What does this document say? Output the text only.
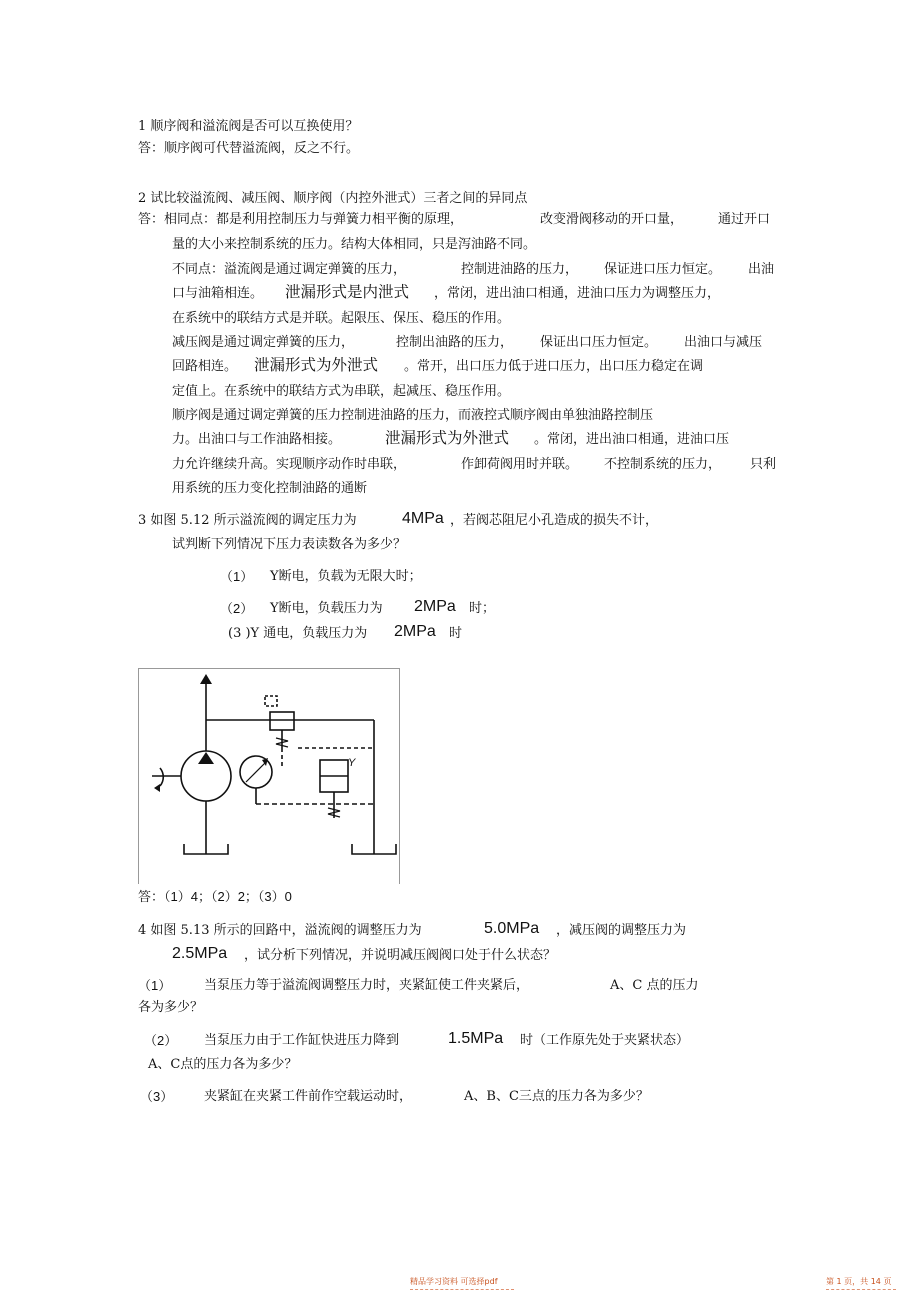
1 顺序阀和溢流阀是否可以互换使用？
答：顺序阀可代替溢流阀，反之不行。
2 试比较溢流阀、减压阀、顺序阀（内控外泄式）三者之间的异同点
答：相同点：都是利用控制压力与弹簧力相平衡的原理，	改变滑阀移动的开口量，	通过开口
量的大小来控制系统的压力。结构大体相同，只是泻油路不同。
不同点：溢流阀是通过调定弹簧的压力，	控制进油路的压力， 保证进口压力恒定。 出油
口与油箱相连。 泄漏形式是内泄式 ，常闭，进出油口相通，进油口压力为调整压力，
在系统中的联结方式是并联。起限压、保压、稳压的作用。
减压阀是通过调定弹簧的压力，	控制出油路的压力， 保证出口压力恒定。 出油口与减压
回路相连。 泄漏形式为外泄式 。常开，出口压力低于进口压力，出口压力稳定在调
定值上。在系统中的联结方式为串联，起减压、稳压作用。
顺序阀是通过调定弹簧的压力控制进油路的压力，而液控式顺序阀由单独油路控制压
力。出油口与工作油路相接。	泄漏形式为外泄式 。常闭，进出油口相通，进油口压
力允许继续升高。实现顺序动作时串联，	作卸荷阀用时并联。 不控制系统的压力， 只利
用系统的压力变化控制油路的通断
3 如图 5.12 所示溢流阀的调定压力为	4MPa ，若阀芯阻尼小孔造成的损失不计，
试判断下列情况下压力表读数各为多少？
（1） Y断电，负载为无限大时；
（2） Y断电，负载压力为 2MPa 时；
(3 )Y 通电，负载压力为 2MPa 时
Y
答：（1）4；（2）2；（3）0
4 如图 5.13 所示的回路中，溢流阀的调整压力为	5.0MPa ，减压阀的调整压力为
2.5MPa ，试分析下列情况，并说明减压阀阀口处于什么状态？
（1）	当泵压力等于溢流阀调整压力时，夹紧缸使工件夹紧后，	A、C 点的压力
各为多少？
（2） 当泵压力由于工作缸快进压力降到	1.5MPa 时（工作原先处于夹紧状态）
A、C点的压力各为多少？
（3） 夹紧缸在夹紧工件前作空载运动时，	A、B、C三点的压力各为多少？
精品学习资料 可选择pdf	第 1 页，共 14 页
